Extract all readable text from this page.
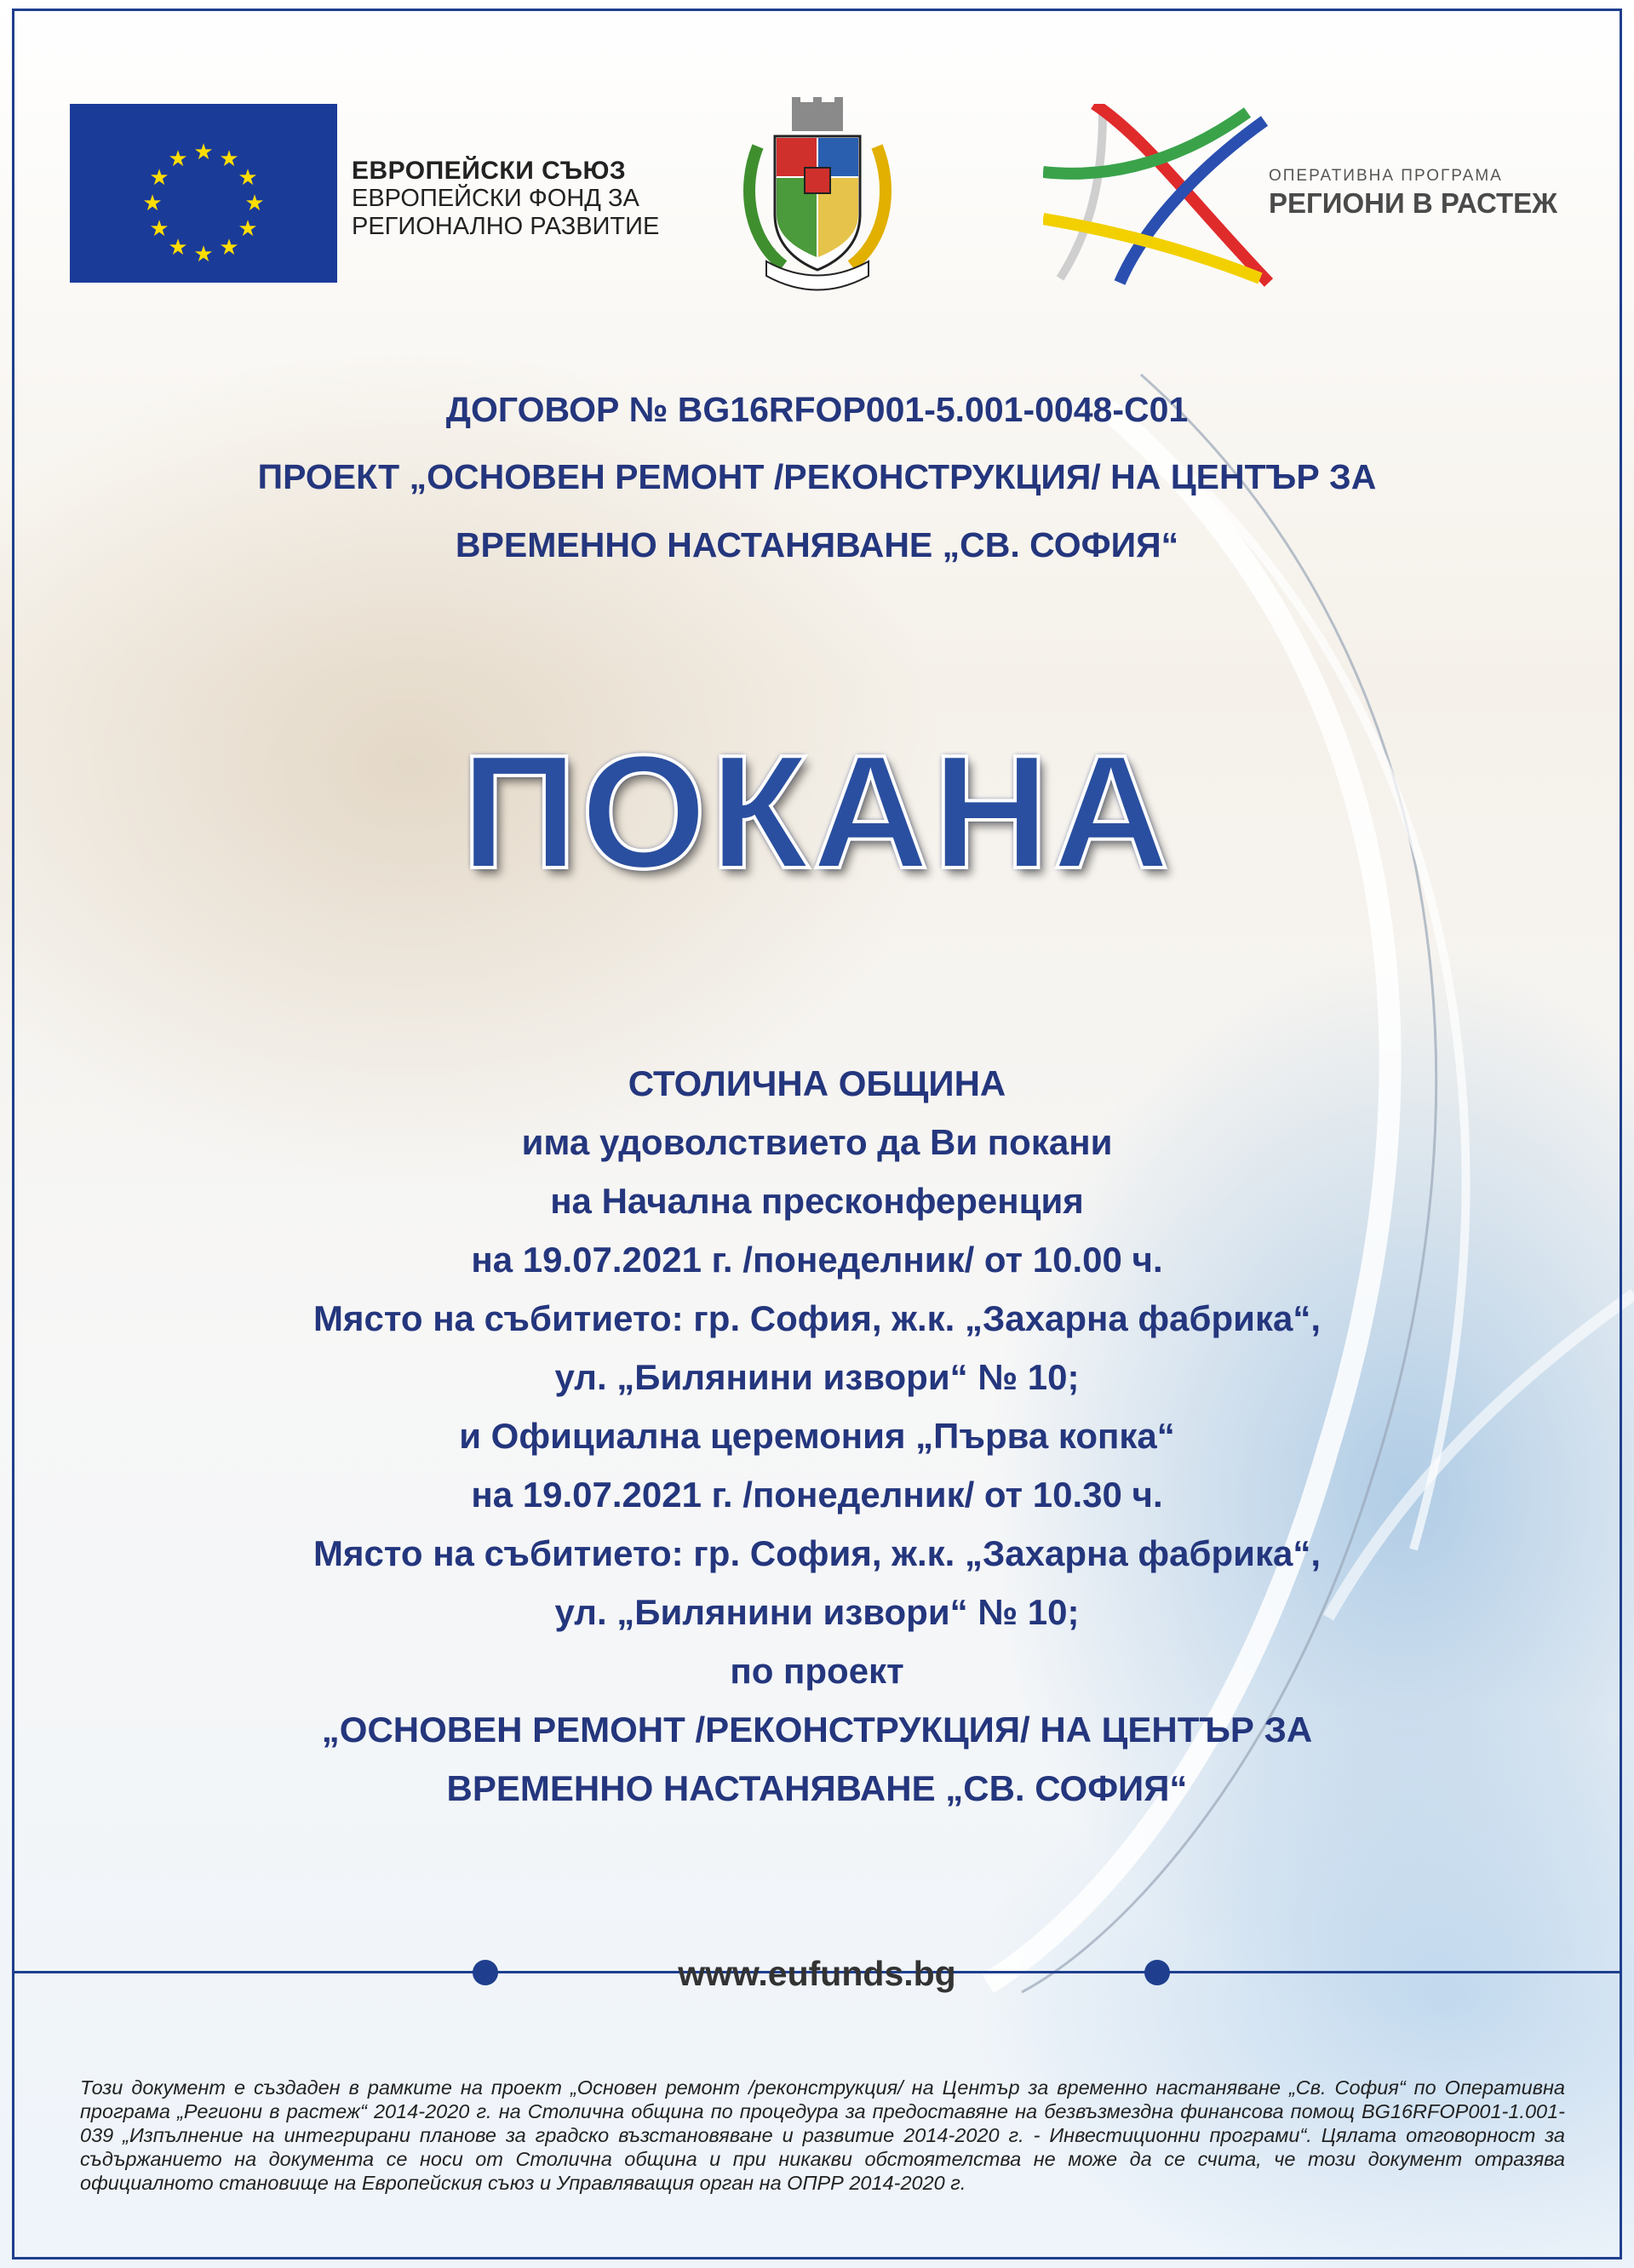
★ ★
★
★
★
★
★
★
★
★
★
★	ЕВРОПЕЙСКИ СЪЮЗ
ЕВРОПЕЙСКИ ФОНД ЗА
РЕГИОНАЛНО РАЗВИТИЕ
ОПЕРАТИВНА ПРОГРАМА
РЕГИОНИ В РАСТЕЖ
ДОГОВОР № BG16RFOP001-5.001-0048-C01
ПРОЕКТ „ОСНОВЕН РЕМОНТ /РЕКОНСТРУКЦИЯ/ НА ЦЕНТЪР ЗА
ВРЕМЕННО НАСТАНЯВАНЕ „СВ. СОФИЯ“
ПОКАНА
СТОЛИЧНА ОБЩИНА
има удоволствието да Ви покани
на Начална пресконференция
на 19.07.2021 г. /понеделник/ от 10.00 ч.
Място на събитието: гр. София, ж.к. „Захарна фабрика“,
ул. „Билянини извори“ № 10;
и Официална церемония „Първа копка“
на 19.07.2021 г. /понеделник/ от 10.30 ч.
Място на събитието: гр. София, ж.к. „Захарна фабрика“,
ул. „Билянини извори“ № 10;
по проект
„ОСНОВЕН РЕМОНТ /РЕКОНСТРУКЦИЯ/ НА ЦЕНТЪР ЗА
ВРЕМЕННО НАСТАНЯВАНЕ „СВ. СОФИЯ“
www.eufunds.bg
Този документ е създаден в рамките на проект „Основен ремонт /реконструкция/ на Център за временно настаняване „Св. София“ по Оперативна програма „Региони в растеж“ 2014-2020 г. на Столична община по процедура за предоставяне на безвъзмездна финансова помощ BG16RFOP001-1.001-039 „Изпълнение на интегрирани планове за градско възстановяване и развитие 2014-2020 г. - Инвестиционни програми“. Цялата отговорност за съдържанието на документа се носи от Столична община и при никакви обстоятелства не може да се счита, че този документ отразява официалното становище на Европейския съюз и Управляващия орган на ОПРР 2014-2020 г.
